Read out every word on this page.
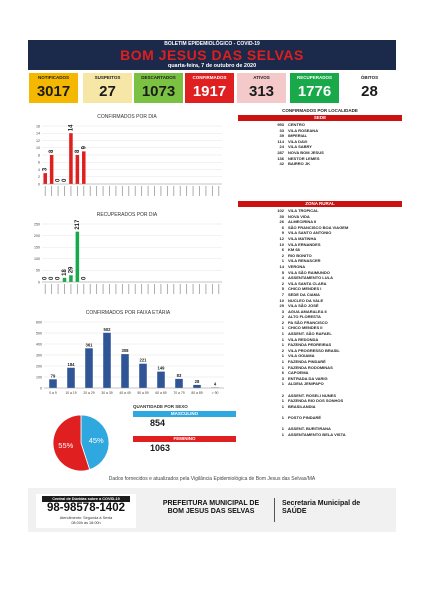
BOLETIM EPIDEMIOLÓGICO - COVID-19
BOM JESUS DAS SELVAS
quarta-feira, 7 de outubro de 2020
NOTIFICADOS
3017
SUSPEITOS
27
DESCARTADOS
1073
CONFIRMADOS
1917
ATIVOS
313
RECUPERADOS
1776
ÓBITOS
28
CONFIRMADOS POR DIA
16
14
12
10
8
6
4
2
0
3
8
0 0
14
8
9
RECUPERADOS POR DIA
250
200
150
100
50
0
0 0 0
18 29
217
0
CONFIRMADOS POR FAIXA ETÁRIA
600
500
400
300
200
100
0
79
0 a 9
184
10 a 19
361
20 a 29
502
30 a 39
308
40 a 49
221
50 a 59
149
60 a 69
83
70 a 79
28
80 a 89
4
> 90
45%
55%
QUANTIDADE POR SEXO
MASCULINO
854
FEMININO
1063
CONFIRMADOS POR LOCALIDADE
SEDE
953	CENTRO
33	VILA ROSEANA
39	IMPERIAL
114	VILA DAVI
24	VILA SABRY
287	NOVA BOM JESUS
136	NESTOR LEMES
42	BAIRRO JK
ZONA RURAL
102	VILA TROPICAL
30	NOVA VIDA
26	ALMECIRINA II
6	SÃO FRANCISCO BOA VIAGEM
9	VILA SANTO ANTONIO
12	VILA MATINHA
10	VILA ERNANDES
6	KM 68
2	RIO BONITO
1	VILA RENASCER
14	VERONA
5	VILA SÃO RAIMUNDO
4	ASSENTAMENTO LULA
2	VILA SANTA CLARA
5	CHICO MENDES I
7	SEDE DA CIAMA
10	NUCLEO DA VALE
29	VILA SÃO JOSÉ
3	AGUA AMARALEA II
2	ALTO FLORESTA
2	PA SÃO FRANCISCO
1	CHICO MENDES II
1	ASSENT. SÃO RAFAEL
1	VILA REDONDA
1	FAZENDA PEDREIRAS
2	VILA PROGRESSO BRASIL
1	VILA GOIAMA
1	FAZENDA PINDARÉ
1	FAZENDA RODOMINAS
6	CAPOEMA
3	ENTRADA DA VARIG
1	ALDEIA JENIPAPO
2	ASSENT. ROSELI NUNES
1	FAZENDA RIO DOS SONHOS
1	BRASILANDIA
1	POSTO PINDARÉ
1	ASSENT. BURITIRANA
1	ASSENTAMENTO BELA VISTA
Dados fornecidos e atualizados pela Vigilância Epidemiológica de Bom Jesus das Selvas/MA
Central de Dúvidas sobre a COVID-19
98-98578-1402
Atendimento: Segunda à Sexta
08:00h às 18:00h
PREFEITURA MUNICIPAL DE
BOM JESUS DAS SELVAS
Secretaria Municipal de
SAÚDE
